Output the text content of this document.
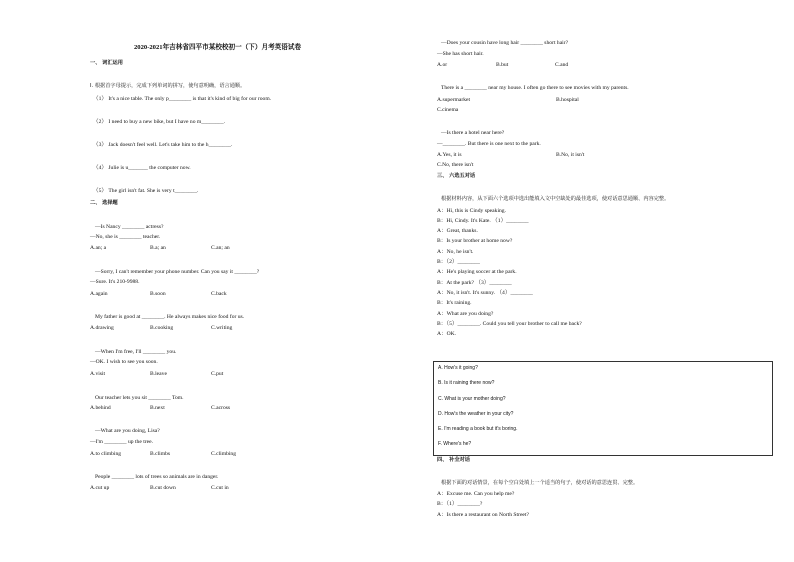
2020-2021年吉林省四平市某校校初一（下）月考英语试卷
一、 词汇运用
I. 根据首字母提示，完成下列单词的拼写，使句意明确，语言通顺。
（1） It's a nice table. The only p________ is that it's kind of big for our room.
（2） I need to buy a new bike, but I have no m________.
（3） Jack doesn't feel well. Let's take him to the h________.
（4） Julie is u_______ the computer now.
（5） The girl isn't fat. She is very t________.
二、 选择题
—Is Nancy ________ actress?
—No, she is ________ teacher.
A.an; a	B.a; an	C.an; an
—Sorry, I can't remember your phone number. Can you say it ________?
—Sure. It's 210-9988.
A.again	B.soon	C.back
My father is good at ________. He always makes nice food for us.
A.drawing	B.cooking	C.writing
—When I'm free, I'll ________ you.
—OK. I wish to see you soon.
A.visit	B.leave	C.put
Our teacher lets you sit ________ Tom.
A.behind	B.next	C.across
—What are you doing, Lisa?
—I'm ________ up the tree.
A.to climbing	B.climbs	C.climbing
People ________ lots of trees so animals are in danger.
A.cut up	B.cut down	C.cut in
—Does your cousin have long hair ________ short hair?
—She has short hair.
A.or	B.but	C.and
There is a ________ near my house. I often go there to see movies with my parents.
A.supermarket	B.hospital
C.cinema
—Is there a hotel near here?
—________. But there is one next to the park.
A.Yes, it is	B.No, it isn't
C.No, there isn't
三、 六选五对话
根据材料内容，从下面六个选项中选出能填入文中空缺处的最佳选项，使对话意思通顺、内容完整。
A：Hi, this is Cindy speaking.
B：Hi, Cindy. It's Kate. （1）________
A：Great, thanks.
B：Is your brother at home now?
A：No, he isn't.
B：（2）________
A：He's playing soccer at the park.
B：At the park? （3）________
A：No, it isn't. It's sunny. （4）________
B：It's raining.
A：What are you doing?
B：（5）________. Could you tell your brother to call me back?
A：OK.
A. How's it going?
B. Is it raining there now?
C. What is your mother doing?
D. How's the weather in your city?
E. I'm reading a book but it's boring.
F. Where's he?
四、 补全对话
根据下面的对话情景，在每个空白处填上一个适当的句子，使对话的意思连贯、完整。
A：Excuse me. Can you help me?
B：（1）________?
A：Is there a restaurant on North Street?
